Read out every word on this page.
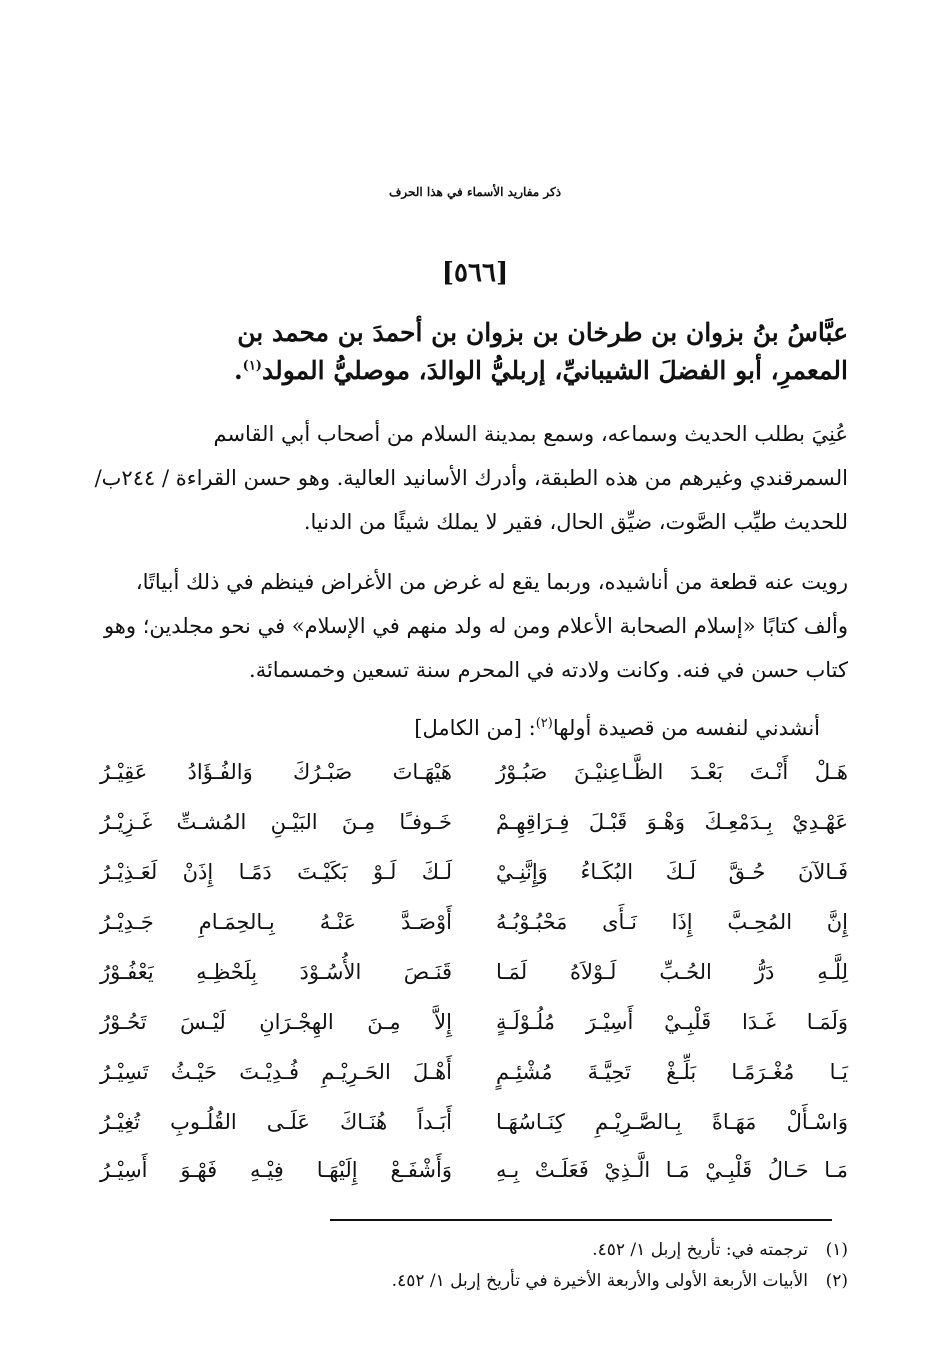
ذكر مفاريد الأسماء في هذا الحرف
[٥٦٦]
عبَّاسُ بنُ بزوان بن طرخان بن بزوان بن أحمدَ بن محمد بن
المعمرِ، أبو الفضلَ الشيبانيِّ، إربليُّ الوالدَ، موصليُّ المولد$^{(١)}$.
عُنِيَ بطلب الحديث وسماعه، وسمع بمدينة السلام من أصحاب أبي القاسم
السمرقندي وغيرهم من هذه الطبقة، وأدرك الأسانيد العالية. وهو حسن القراءة / ٢٤٤ب/
للحديث طيِّب الصَّوت، ضيِّق الحال، فقير لا يملك شيئًا من الدنيا.
رويت عنه قطعة من أناشيده، وربما يقع له غرض من الأغراض فينظم في ذلك أبياتًا،
وألف كتابًا «إسلام الصحابة الأعلام ومن له ولد منهم في الإسلام» في نحو مجلدين؛ وهو
كتاب حسن في فنه. وكانت ولادته في المحرم سنة تسعين وخمسمائة.
أنشدني لنفسه من قصيدة أولها$^{(٢)}$: [من الكامل]
هَـلْ أَنْـتَ بَعْـدَ الظَّـاعِنيْـنَ صَبُـوْرُ
هَيْهَـاتَ صَبْـرُكَ وَالفُـؤَادُ عَقِيْـرُ
عَهْـدِيْ بِـدَمْعِـكَ وَهْـوَ قَبْـلَ فِـرَاقِهِـمْ
خَـوفـًا مِـنَ البَيْـنِ المُشـتِّ غَـزِيْـرُ
فَـالآنَ حُـقَّ لَـكَ البُكَـاءُ وَإِنَّنِـيْ
لَـكَ لَـوْ بَكَيْـتَ دَمًـا إِذَنْ لَعَـذِيْـرُ
إِنَّ المُحِـبَّ إِذَا نَـأَى مَحْبُـوْبُـهُ
أَوْصَـدَّ عَنْـهُ بِـالحِمَـامِ جَـدِيْـرُ
لِلَّـهِ دَرُّ الحُـبِّ لَـوْلاَهُ لَمَـا
قَنَـصَ الأُسُـوْدَ بِلَحْظِـهِ يَعْفُـوْرُ
وَلَمَـا غَـدَا قَلْبِـيْ أَسِيْـرَ مُلُـوْلَـةٍ
إِلاَّ مِـنَ الهِجْـرَانِ لَيْـسَ تَحُـوْرُ
يَـا مُغْـرَمًـا بَلِّـغْ تَحِيَّـةَ مُشْئِـمٍ
أَهْـلَ الحَـرِيْـمِ فُـدِيْـتَ حَيْـثُ تَسِيْـرُ
وَاسْـأَلْ مَهَـاةً بِـالصَّـرِيْـمِ كِنَـاسُهَـا
أَبَـداً هُنَـاكَ عَلَـى القُلُـوبِ تُغِيْـرُ
مَـا حَـالُ قَلْبِـيْ مَـا الَّـذِيْ فَعَلَـتْ بِـهِ
وَأَشْفَـعْ إِلَيْهَـا فِيْـهِ فَهْـوَ أَسِيْـرُ
(١)ترجمته في: تأريخ إربل ١/ ٤٥٢.
(٢)الأبيات الأربعة الأولى والأربعة الأخيرة في تأريخ إربل ١/ ٤٥٢.
